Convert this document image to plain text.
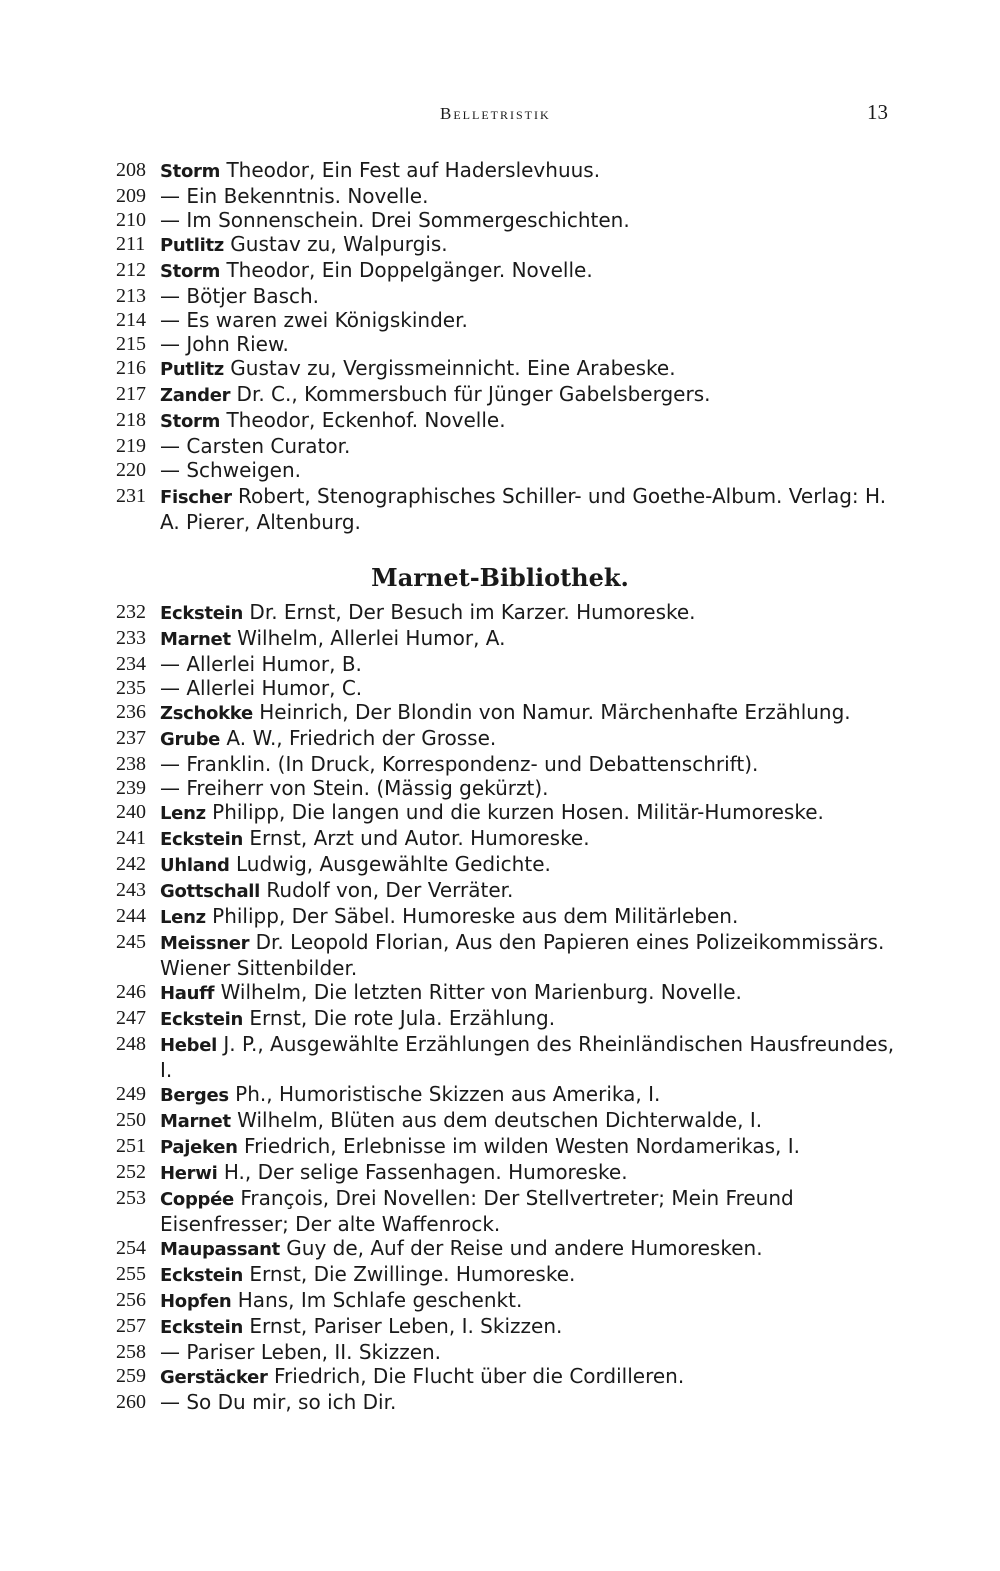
Belletristik	13
208 Storm Theodor, Ein Fest auf Haderslevhuus.
209 — Ein Bekenntnis. Novelle.
210 — Im Sonnenschein. Drei Sommergeschichten.
211 Putlitz Gustav zu, Walpurgis.
212 Storm Theodor, Ein Doppelgänger. Novelle.
213 — Bötjer Basch.
214 — Es waren zwei Königskinder.
215 — John Riew.
216 Putlitz Gustav zu, Vergissmeinnicht. Eine Arabeske.
217 Zander Dr. C., Kommersbuch für Jünger Gabelsbergers.
218 Storm Theodor, Eckenhof. Novelle.
219 — Carsten Curator.
220 — Schweigen.
231 Fischer Robert, Stenographisches Schiller- und Goethe-Album. Verlag: H. A. Pierer, Altenburg.
Marnet-Bibliothek.
232 Eckstein Dr. Ernst, Der Besuch im Karzer. Humoreske.
233 Marnet Wilhelm, Allerlei Humor, A.
234 — Allerlei Humor, B.
235 — Allerlei Humor, C.
236 Zschokke Heinrich, Der Blondin von Namur. Märchenhafte Erzählung.
237 Grube A. W., Friedrich der Grosse.
238 — Franklin. (In Druck, Korrespondenz- und Debattenschrift).
239 — Freiherr von Stein. (Mässig gekürzt).
240 Lenz Philipp, Die langen und die kurzen Hosen. Militär-Humoreske.
241 Eckstein Ernst, Arzt und Autor. Humoreske.
242 Uhland Ludwig, Ausgewählte Gedichte.
243 Gottschall Rudolf von, Der Verräter.
244 Lenz Philipp, Der Säbel. Humoreske aus dem Militärleben.
245 Meissner Dr. Leopold Florian, Aus den Papieren eines Polizeikommissärs. Wiener Sittenbilder.
246 Hauff Wilhelm, Die letzten Ritter von Marienburg. Novelle.
247 Eckstein Ernst, Die rote Jula. Erzählung.
248 Hebel J. P., Ausgewählte Erzählungen des Rheinländischen Hausfreundes, I.
249 Berges Ph., Humoristische Skizzen aus Amerika, I.
250 Marnet Wilhelm, Blüten aus dem deutschen Dichterwalde, I.
251 Pajeken Friedrich, Erlebnisse im wilden Westen Nordamerikas, I.
252 Herwi H., Der selige Fassenhagen. Humoreske.
253 Coppée François, Drei Novellen: Der Stellvertreter; Mein Freund Eisenfresser; Der alte Waffenrock.
254 Maupassant Guy de, Auf der Reise und andere Humoresken.
255 Eckstein Ernst, Die Zwillinge. Humoreske.
256 Hopfen Hans, Im Schlafe geschenkt.
257 Eckstein Ernst, Pariser Leben, I. Skizzen.
258 — Pariser Leben, II. Skizzen.
259 Gerstäcker Friedrich, Die Flucht über die Cordilleren.
260 — So Du mir, so ich Dir.
